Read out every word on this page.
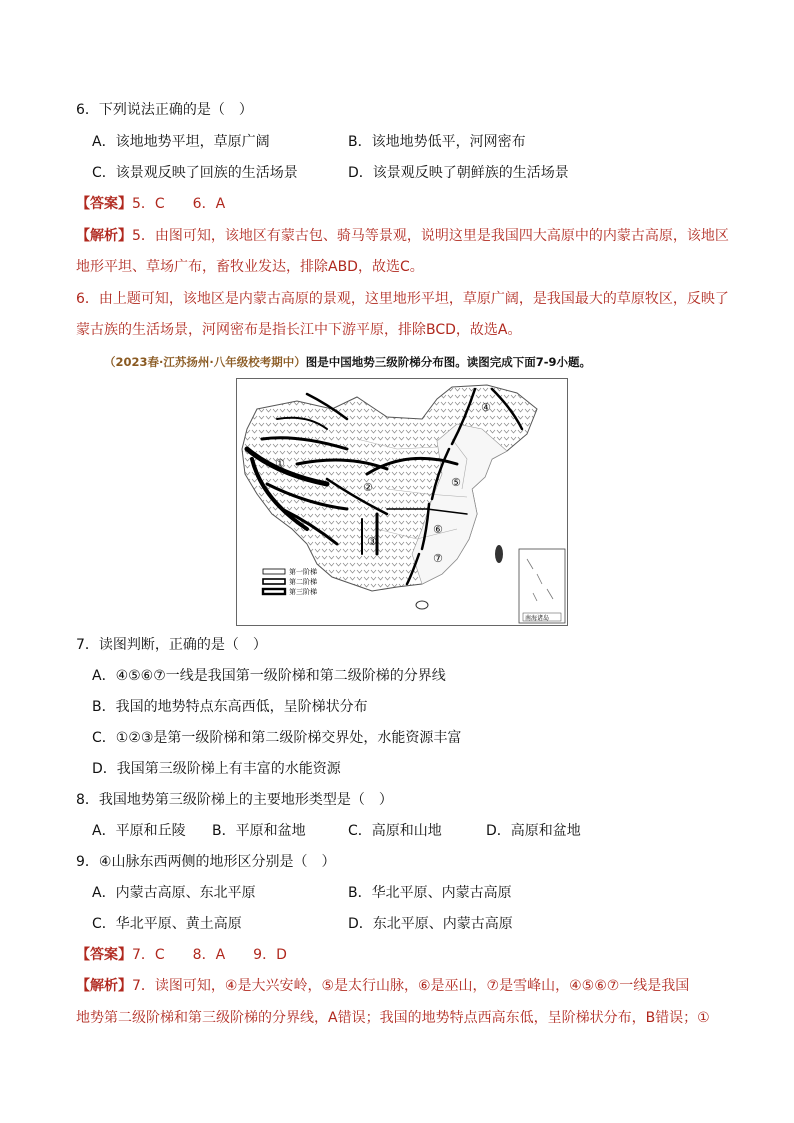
6．下列说法正确的是（　）
A．该地地势平坦，草原广阔	B．该地地势低平，河网密布
C．该景观反映了回族的生活场景	D．该景观反映了朝鲜族的生活场景
【答案】5．C　　6．A
【解析】5．由图可知，该地区有蒙古包、骑马等景观，说明这里是我国四大高原中的内蒙古高原，该地区
地形平坦、草场广布，畜牧业发达，排除ABD，故选C。
6．由上题可知，该地区是内蒙古高原的景观，这里地形平坦，草原广阔，是我国最大的草原牧区，反映了
蒙古族的生活场景，河网密布是指长江中下游平原，排除BCD，故选A。
（2023春·江苏扬州·八年级校考期中）图是中国地势三级阶梯分布图。读图完成下面7-9小题。
①
②
③
④
⑤
⑥
⑦
第一阶梯
第二阶梯
第三阶梯
南海诸岛
7．读图判断，正确的是（　）
A．④⑤⑥⑦一线是我国第一级阶梯和第二级阶梯的分界线
B．我国的地势特点东高西低，呈阶梯状分布
C．①②③是第一级阶梯和第二级阶梯交界处，水能资源丰富
D．我国第三级阶梯上有丰富的水能资源
8．我国地势第三级阶梯上的主要地形类型是（　）
A．平原和丘陵 B．平原和盆地	C．高原和山地	D．高原和盆地
9．④山脉东西两侧的地形区分别是（　）
A．内蒙古高原、东北平原	B．华北平原、内蒙古高原
C．华北平原、黄土高原	D．东北平原、内蒙古高原
【答案】7．C　　8．A　　9．D
【解析】7．读图可知，④是大兴安岭，⑤是太行山脉，⑥是巫山，⑦是雪峰山，④⑤⑥⑦一线是我国
地势第二级阶梯和第三级阶梯的分界线，A错误；我国的地势特点西高东低，呈阶梯状分布，B错误；①
